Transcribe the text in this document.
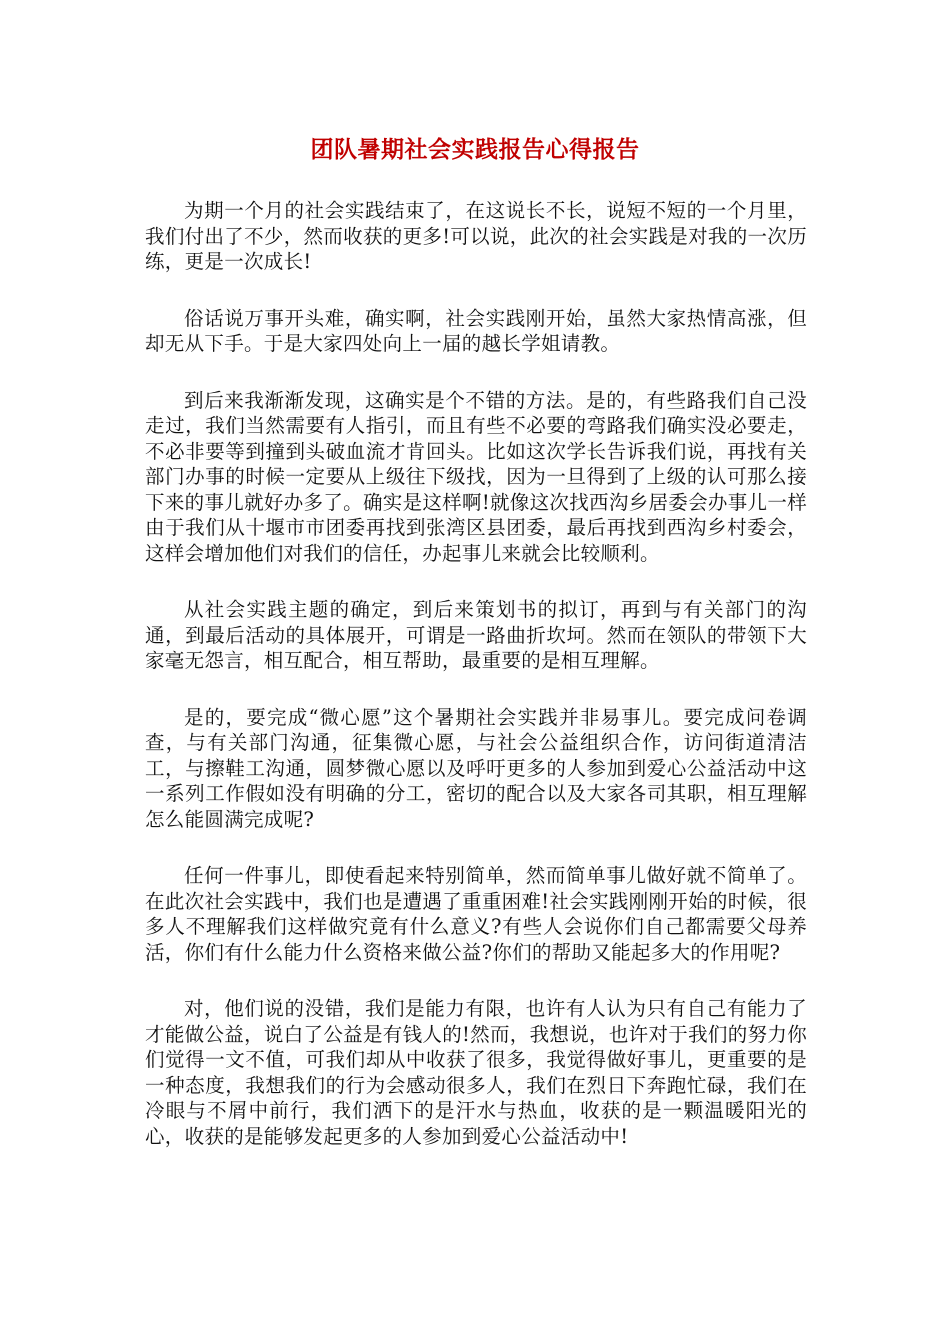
团队暑期社会实践报告心得报告

为期一个月的社会实践结束了，在这说长不长，说短不短的一个月里，我们付出了不少，然而收获的更多!可以说，此次的社会实践是对我的一次历练，更是一次成长!

俗话说万事开头难，确实啊，社会实践刚开始，虽然大家热情高涨，但却无从下手。于是大家四处向上一届的越长学姐请教。

到后来我渐渐发现，这确实是个不错的方法。是的，有些路我们自己没走过，我们当然需要有人指引，而且有些不必要的弯路我们确实没必要走，不必非要等到撞到头破血流才肯回头。比如这次学长告诉我们说，再找有关部门办事的时候一定要从上级往下级找，因为一旦得到了上级的认可那么接下来的事儿就好办多了。确实是这样啊!就像这次找西沟乡居委会办事儿一样由于我们从十堰市市团委再找到张湾区县团委，最后再找到西沟乡村委会，这样会增加他们对我们的信任，办起事儿来就会比较顺利。

从社会实践主题的确定，到后来策划书的拟订，再到与有关部门的沟通，到最后活动的具体展开，可谓是一路曲折坎坷。然而在领队的带领下大家毫无怨言，相互配合，相互帮助，最重要的是相互理解。

是的，要完成“微心愿”这个暑期社会实践并非易事儿。要完成问卷调查，与有关部门沟通，征集微心愿，与社会公益组织合作，访问街道清洁工，与擦鞋工沟通，圆梦微心愿以及呼吁更多的人参加到爱心公益活动中这一系列工作假如没有明确的分工，密切的配合以及大家各司其职，相互理解怎么能圆满完成呢?

任何一件事儿，即使看起来特别简单，然而简单事儿做好就不简单了。在此次社会实践中，我们也是遭遇了重重困难!社会实践刚刚开始的时候，很多人不理解我们这样做究竟有什么意义?有些人会说你们自己都需要父母养活，你们有什么能力什么资格来做公益?你们的帮助又能起多大的作用呢?

对，他们说的没错，我们是能力有限，也许有人认为只有自己有能力了才能做公益，说白了公益是有钱人的!然而，我想说，也许对于我们的努力你们觉得一文不值，可我们却从中收获了很多，我觉得做好事儿，更重要的是一种态度，我想我们的行为会感动很多人，我们在烈日下奔跑忙碌，我们在冷眼与不屑中前行，我们洒下的是汗水与热血，收获的是一颗温暖阳光的心，收获的是能够发起更多的人参加到爱心公益活动中!
